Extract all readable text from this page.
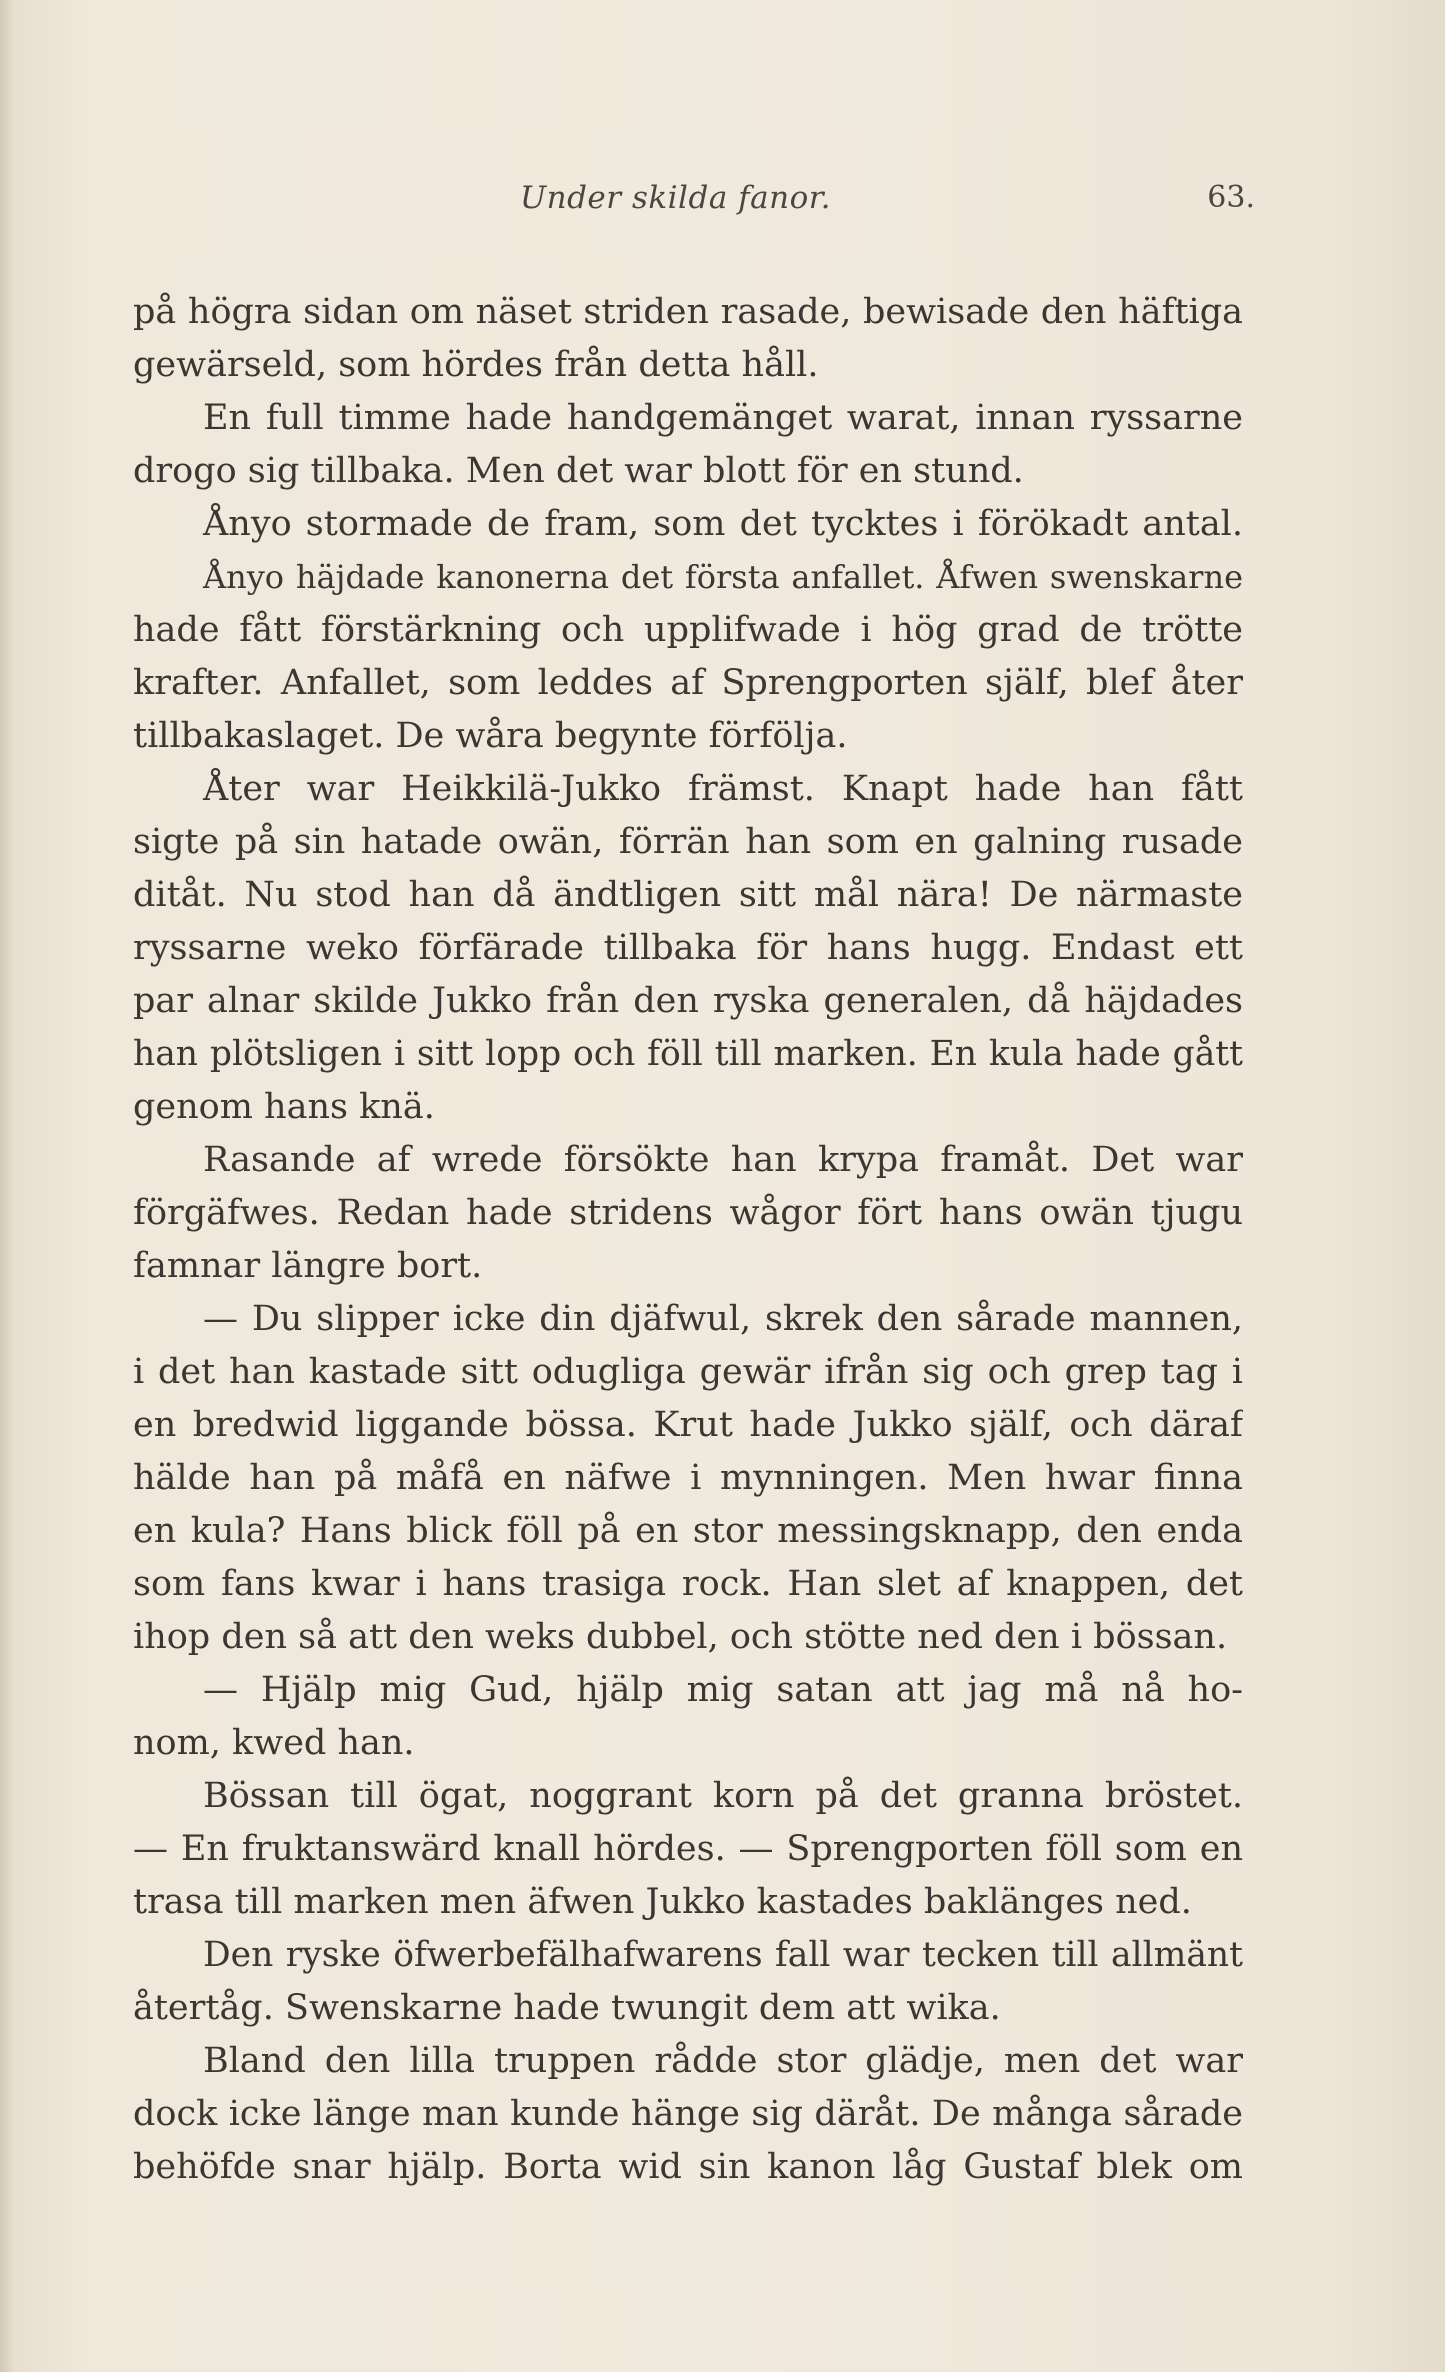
Under skilda fanor.	63.
på högra sidan om näset striden rasade, bewisade den häftiga
gewärseld, som hördes från detta håll.
En full timme hade handgemänget warat, innan ryssarne
drogo sig tillbaka. Men det war blott för en stund.
Ånyo stormade de fram, som det tycktes i förökadt antal.
Ånyo häjdade kanonerna det första anfallet. Åfwen swenskarne
hade fått förstärkning och upplifwade i hög grad de trötte
krafter. Anfallet, som leddes af Sprengporten själf, blef åter
tillbakaslaget. De wåra begynte förfölja.
Åter war Heikkilä-Jukko främst. Knapt hade han fått
sigte på sin hatade owän, förrän han som en galning rusade
ditåt. Nu stod han då ändtligen sitt mål nära! De närmaste
ryssarne weko förfärade tillbaka för hans hugg. Endast ett
par alnar skilde Jukko från den ryska generalen, då häjdades
han plötsligen i sitt lopp och föll till marken. En kula hade gått
genom hans knä.
Rasande af wrede försökte han krypa framåt. Det war
förgäfwes. Redan hade stridens wågor fört hans owän tjugu
famnar längre bort.
— Du slipper icke din djäfwul, skrek den sårade mannen,
i det han kastade sitt odugliga gewär ifrån sig och grep tag i
en bredwid liggande bössa. Krut hade Jukko själf, och däraf
hälde han på måfå en näfwe i mynningen. Men hwar finna
en kula? Hans blick föll på en stor messingsknapp, den enda
som fans kwar i hans trasiga rock. Han slet af knappen, det
ihop den så att den weks dubbel, och stötte ned den i bössan.
— Hjälp mig Gud, hjälp mig satan att jag må nå ho-
nom, kwed han.
Bössan till ögat, noggrant korn på det granna bröstet.
— En fruktanswärd knall hördes. — Sprengporten föll som en
trasa till marken men äfwen Jukko kastades baklänges ned.
Den ryske öfwerbefälhafwarens fall war tecken till allmänt
återtåg. Swenskarne hade twungit dem att wika.
Bland den lilla truppen rådde stor glädje, men det war
dock icke länge man kunde hänge sig däråt. De många sårade
behöfde snar hjälp. Borta wid sin kanon låg Gustaf blek om
